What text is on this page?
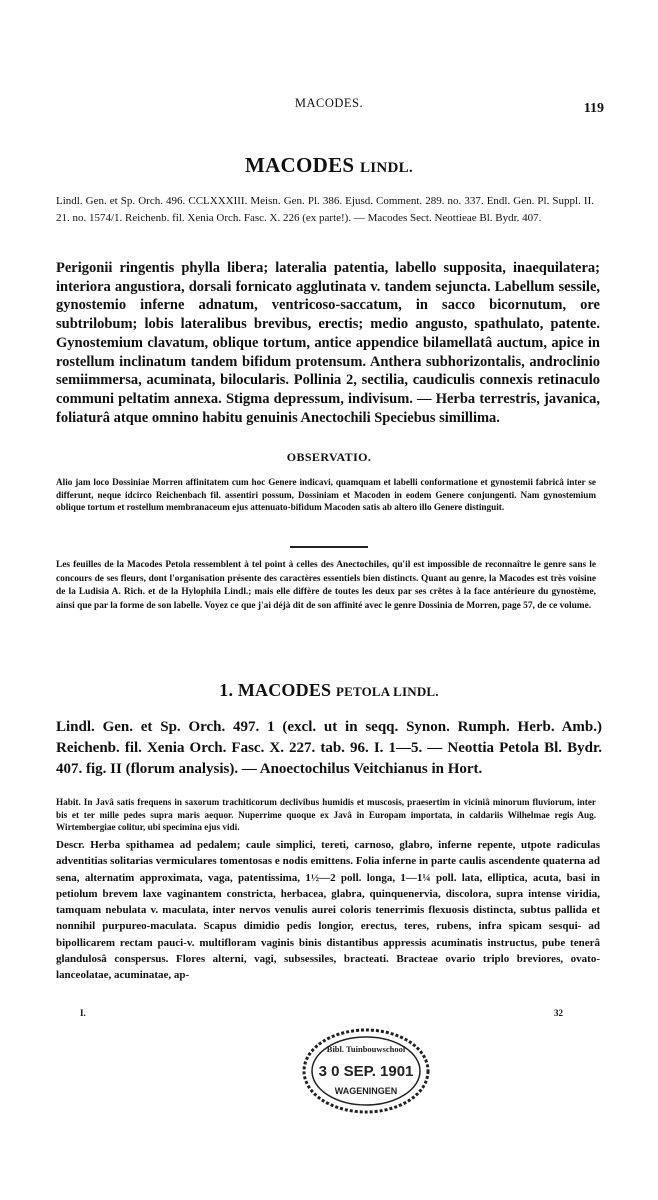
MACODES.	119
MACODES LINDL.
Lindl. Gen. et Sp. Orch. 496. CCLXXXIII. Meisn. Gen. Pl. 386. Ejusd. Comment. 289. no. 337. Endl. Gen. Pl. Suppl. II. 21. no. 1574/1. Reichenb. fil. Xenia Orch. Fasc. X. 226 (ex parte!). — Macodes Sect. Neottieae Bl. Bydr. 407.
Perigonii ringentis phylla libera; lateralia patentia, labello supposita, inaequilatera; interiora angustiora, dorsali fornicato agglutinata v. tandem sejuncta. Labellum sessile, gynostemio inferne adnatum, ventricoso-saccatum, in sacco bicornutum, ore subtrilobum; lobis lateralibus brevibus, erectis; medio angusto, spathulato, patente. Gynostemium clavatum, oblique tortum, antice appendice bilamellatâ auctum, apice in rostellum inclinatum tandem bifidum protensum. Anthera subhorizontalis, androclinio semiimmersa, acuminata, bilocularis. Pollinia 2, sectilia, caudiculis connexis retinaculo communi peltatim annexa. Stigma depressum, indivisum. — Herba terrestris, javanica, foliaturâ atque omnino habitu genuinis Anectochili Speciebus simillima.
OBSERVATIO.
Alio jam loco Dossiniae Morren affinitatem cum hoc Genere indicavi, quamquam et labelli conformatione et gynostemii fabricâ inter se differunt, neque idcirco Reichenbach fil. assentiri possum, Dossiniam et Macoden in eodem Genere conjungenti. Nam gynostemium oblique tortum et rostellum membranaceum ejus attenuato-bifidum Macoden satis ab altero illo Genere distinguit.
Les feuilles de la Macodes Petola ressemblent à tel point à celles des Anectochiles, qu'il est impossible de reconnaître le genre sans le concours de ses fleurs, dont l'organisation présente des caractères essentiels bien distincts. Quant au genre, la Macodes est très voisine de la Ludisia A. Rich. et de la Hylophila Lindl.; mais elle diffère de toutes les deux par ses crêtes à la face antérieure du gynostème, ainsi que par la forme de son labelle. Voyez ce que j'ai déjà dit de son affinité avec le genre Dossinia de Morren, page 57, de ce volume.
1. MACODES PETOLA LINDL.
Lindl. Gen. et Sp. Orch. 497. 1 (excl. ut in seqq. Synon. Rumph. Herb. Amb.) Reichenb. fil. Xenia Orch. Fasc. X. 227. tab. 96. I. 1—5. — Neottia Petola Bl. Bydr. 407. fig. II (florum analysis). — Anoectochilus Veitchianus in Hort.
Habit. In Javâ satis frequens in saxorum trachiticorum declivibus humidis et muscosis, praesertim in viciniâ minorum fluviorum, inter bis et ter mille pedes supra maris aequor. Nuperrime quoque ex Javâ in Europam importata, in caldariis Wilhelmae regis Aug. Wirtembergiae colitur, ubi specimina ejus vidi.
Descr. Herba spithamea ad pedalem; caule simplici, tereti, carnoso, glabro, inferne repente, utpote radiculas adventitias solitarias vermiculares tomentosas e nodis emittens. Folia inferne in parte caulis ascendente quaterna ad sena, alternatim approximata, vaga, patentissima, 1½—2 poll. longa, 1—1¼ poll. lata, elliptica, acuta, basi in petiolum brevem laxe vaginantem constricta, herbacea, glabra, quinquenervia, discolora, supra intense viridia, tamquam nebulata v. maculata, inter nervos venulis aurei coloris tenerrimis flexuosis distincta, subtus pallida et nonnihil purpureo-maculata. Scapus dimidio pedis longior, erectus, teres, rubens, infra spicam sesqui- ad bipollicarem rectam pauci-v. multifloram vaginis binis distantibus appressis acuminatis instructus, pube tenerâ glandulosâ conspersus. Flores alterni, vagi, subsessiles, bracteati. Bracteae ovario triplo breviores, ovato-lanceolatae, acuminatae, ap-
I.	32
Bibl. Tuinbouwschool
3 0 SEP. 1901
WAGENINGEN
